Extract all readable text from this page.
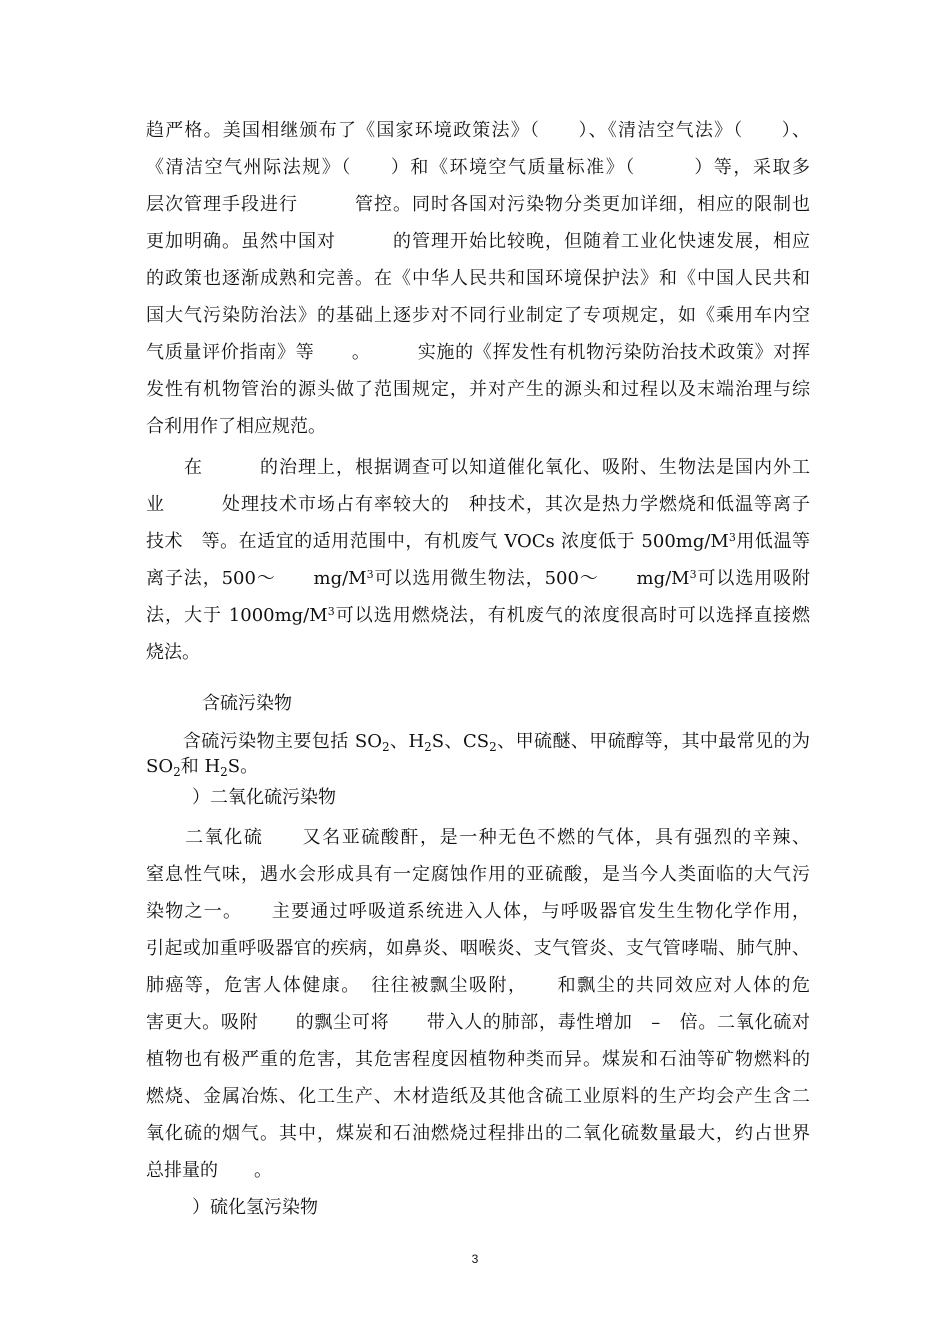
趋严格。美国相继颁布了《国家环境政策法》（　　）、《清洁空气法》（　　）、
《清洁空气州际法规》（　　）和《环境空气质量标准》（　　　）等，采取多
层次管理手段进行　　　管控。同时各国对污染物分类更加详细，相应的限制也
更加明确。虽然中国对　　　的管理开始比较晚，但随着工业化快速发展，相应
的政策也逐渐成熟和完善。在《中华人民共和国环境保护法》和《中国人民共和
国大气污染防治法》的基础上逐步对不同行业制定了专项规定，如《乘用车内空
气质量评价指南》等　　。　　　实施的《挥发性有机物污染防治技术政策》对挥
发性有机物管治的源头做了范围规定，并对产生的源头和过程以及末端治理与综
合利用作了相应规范。
　　在　　　的治理上，根据调查可以知道催化氧化、吸附、生物法是国内外工
业　　　处理技术市场占有率较大的　种技术，其次是热力学燃烧和低温等离子
技术　等。在适宜的适用范围中，有机废气 VOCs 浓度低于 $500mg/M^3$用低温等
离子法，500～　　$mg/M^3$可以选用微生物法，500～　　$mg/M^3$可以选用吸附
法，大于 $1000mg/M^3$可以选用燃烧法，有机废气的浓度很高时可以选择直接燃
烧法。
含硫污染物
　　含硫污染物主要包括 $SO_2$、$H_2S$、$CS_2$、甲硫醚、甲硫醇等，其中最常见的为
$SO_2$和 $H_2S$。
）二氧化硫污染物
　　二氧化硫　　又名亚硫酸酐，是一种无色不燃的气体，具有强烈的辛辣、
窒息性气味，遇水会形成具有一定腐蚀作用的亚硫酸，是当今人类面临的大气污
染物之一。　　主要通过呼吸道系统进入人体，与呼吸器官发生生物化学作用，
引起或加重呼吸器官的疾病，如鼻炎、咽喉炎、支气管炎、支气管哮喘、肺气肿、
肺癌等，危害人体健康。　往往被飘尘吸附，　　和飘尘的共同效应对人体的危
害更大。吸附　　的飘尘可将　　带入人的肺部，毒性增加　–　倍。二氧化硫对
植物也有极严重的危害，其危害程度因植物种类而异。煤炭和石油等矿物燃料的
燃烧、金属冶炼、化工生产、木材造纸及其他含硫工业原料的生产均会产生含二
氧化硫的烟气。其中，煤炭和石油燃烧过程排出的二氧化硫数量最大，约占世界
总排量的　　。
）硫化氢污染物
3
